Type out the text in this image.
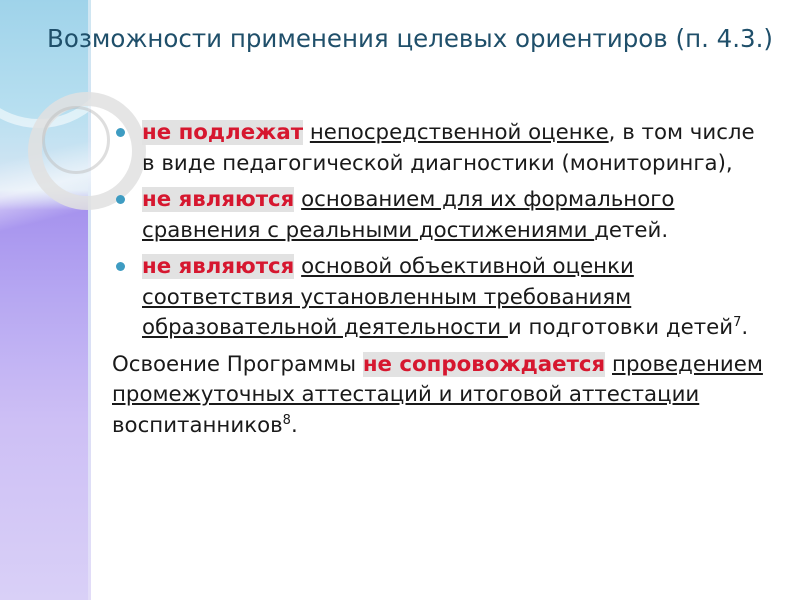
Возможности применения целевых ориентиров (п. 4.3.)
не подлежат непосредственной оценке, в том числе в виде педагогической диагностики (мониторинга),
не являются основанием для их формального сравнения с реальными достижениями детей.
не являются основой объективной оценки соответствия установленным требованиям образовательной деятельности и подготовки детей$^7$.
Освоение Программы не сопровождается проведением промежуточных аттестаций и итоговой аттестации воспитанников$^8$.
